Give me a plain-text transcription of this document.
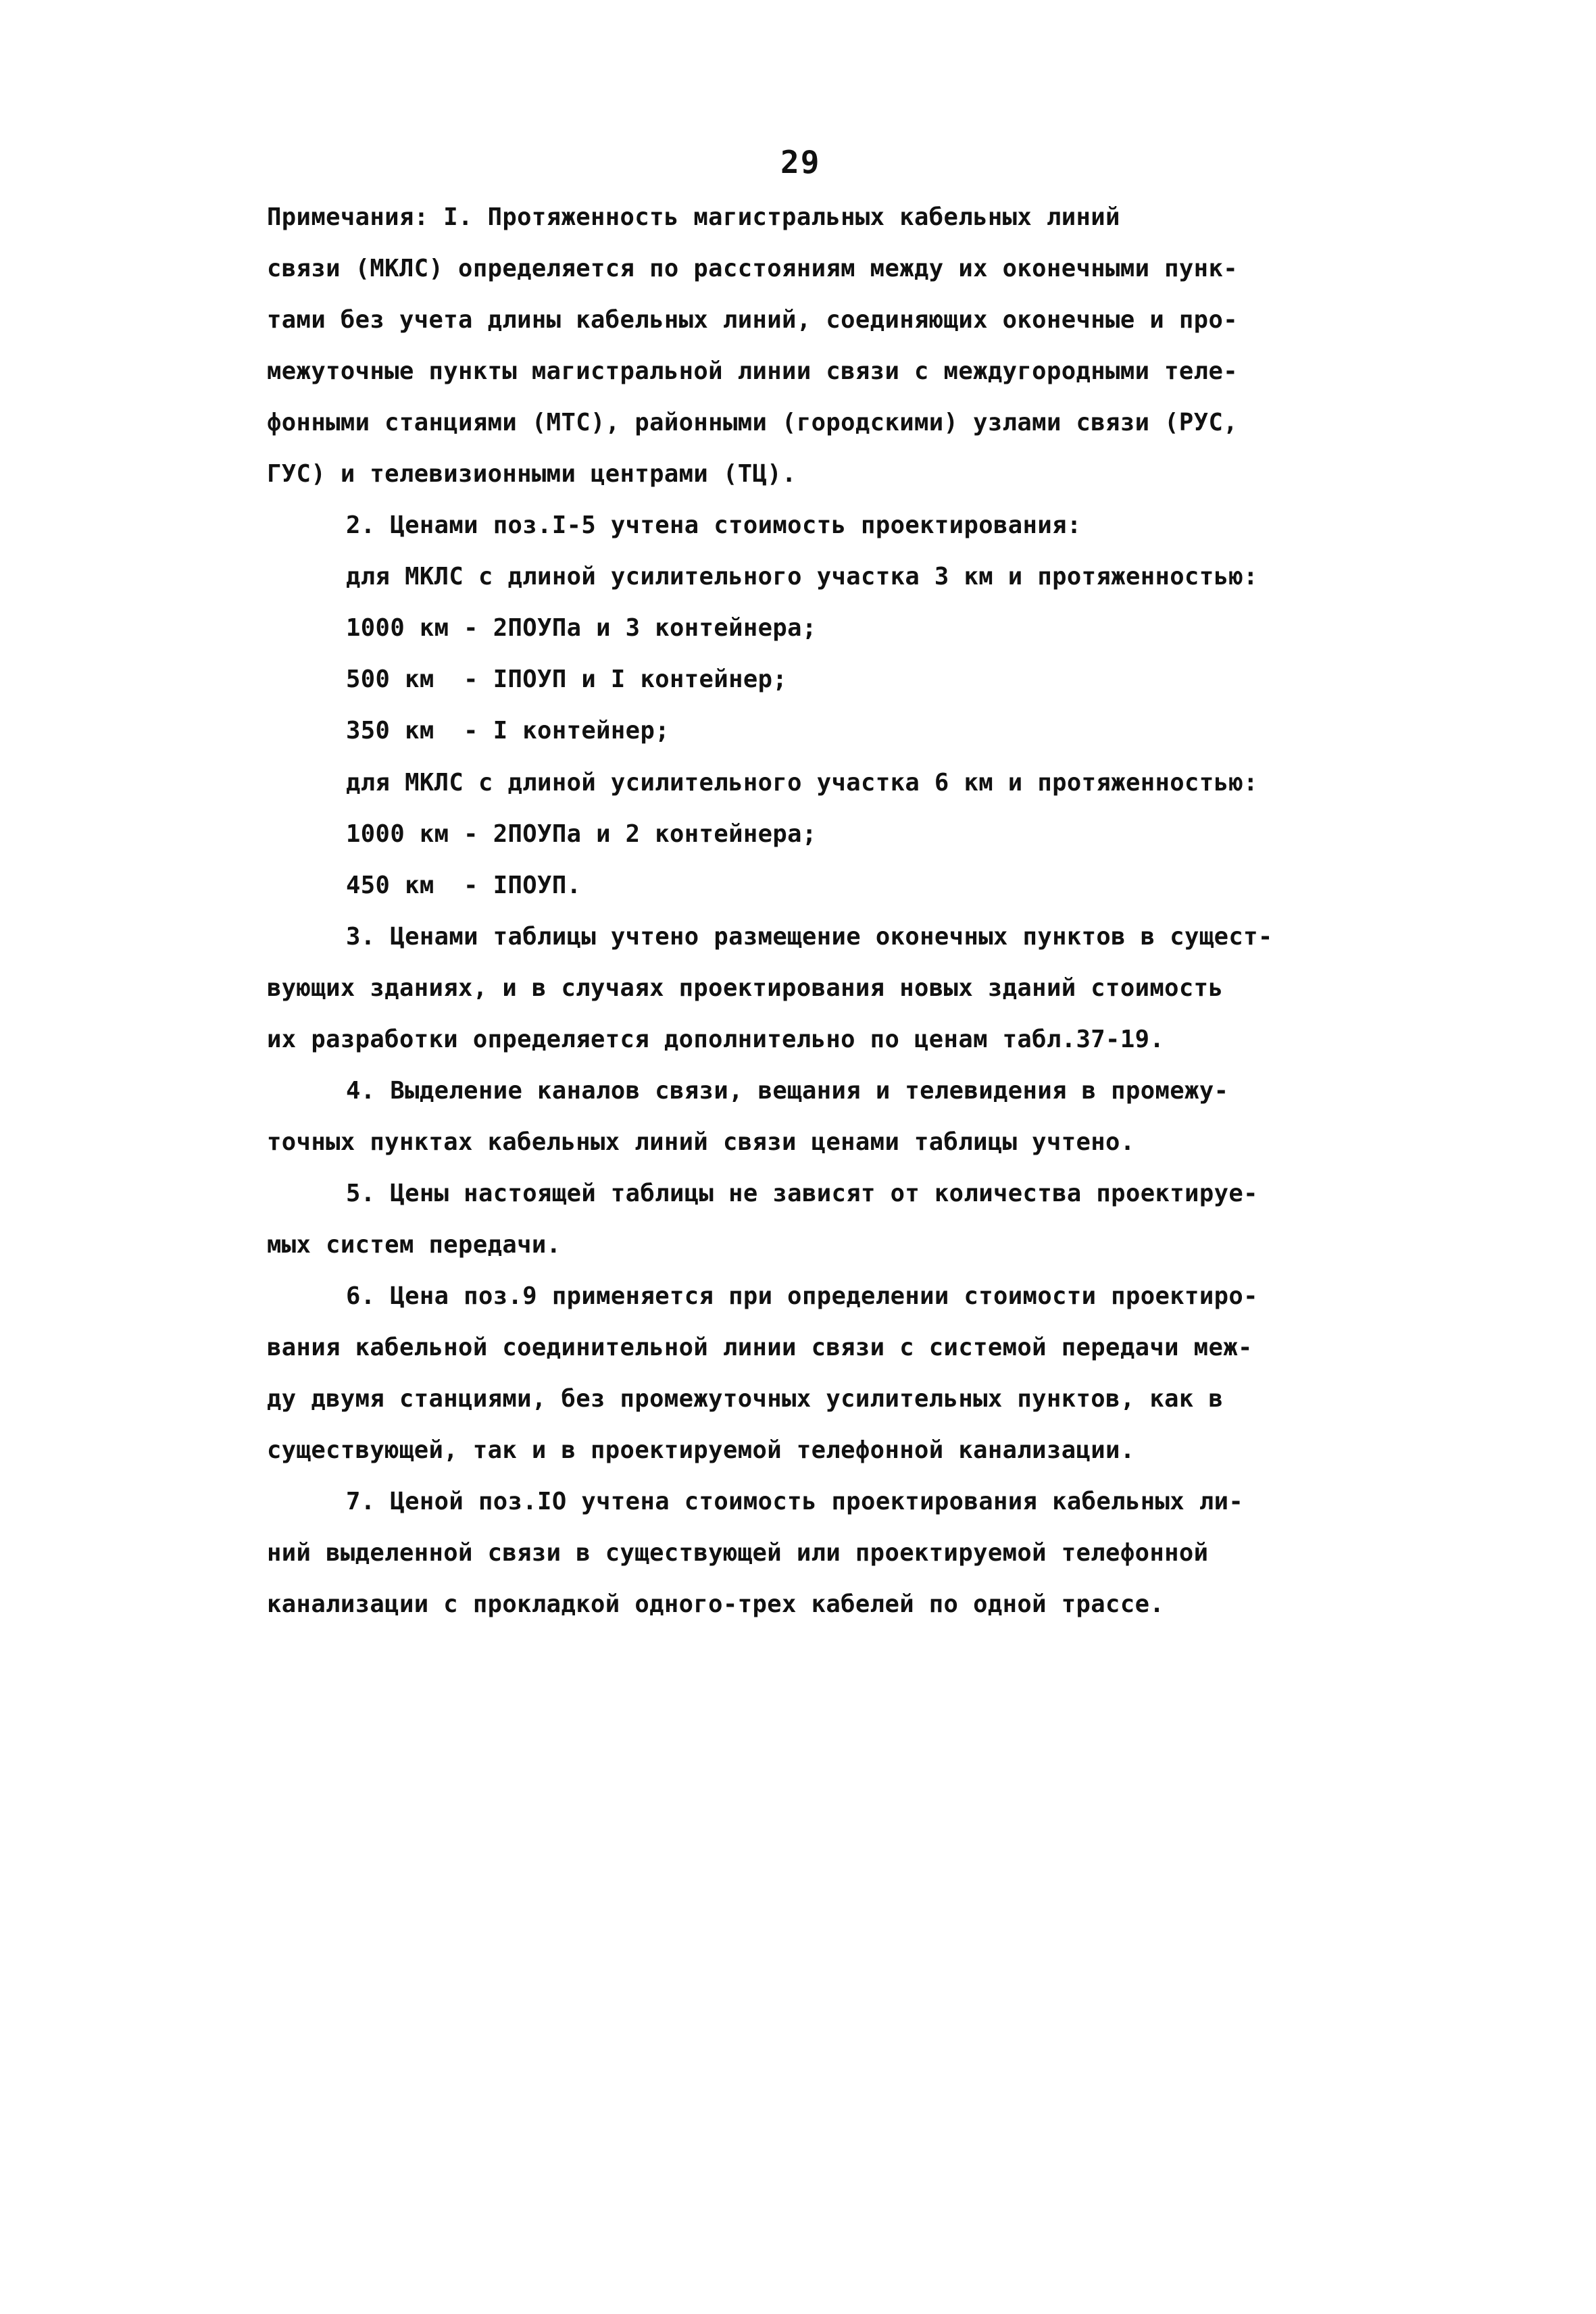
29
Примечания: I. Протяженность магистральных кабельных линий
связи (МКЛС) определяется по расстояниям между их оконечными пунк-
тами без учета длины кабельных линий, соединяющих оконечные и про-
межуточные пункты магистральной линии связи с междугородными теле-
фонными станциями (МТС), районными (городскими) узлами связи (РУС,
ГУС) и телевизионными центрами (ТЦ).
2. Ценами поз.I-5 учтена стоимость проектирования:
для МКЛС с длиной усилительного участка 3 км и протяженностью:
1000 км - 2ПОУПа и 3 контейнера;
500 км  - IПОУП и I контейнер;
350 км  - I контейнер;
для МКЛС с длиной усилительного участка 6 км и протяженностью:
1000 км - 2ПОУПа и 2 контейнера;
450 км  - IПОУП.
3. Ценами таблицы учтено размещение оконечных пунктов в сущест-
вующих зданиях, и в случаях проектирования новых зданий стоимость
их разработки определяется дополнительно по ценам табл.37-19.
4. Выделение каналов связи, вещания и телевидения в промежу-
точных пунктах кабельных линий связи ценами таблицы учтено.
5. Цены настоящей таблицы не зависят от количества проектируе-
мых систем передачи.
6. Цена поз.9 применяется при определении стоимости проектиро-
вания кабельной соединительной линии связи с системой передачи меж-
ду двумя станциями, без промежуточных усилительных пунктов, как в
существующей, так и в проектируемой телефонной канализации.
7. Ценой поз.IO учтена стоимость проектирования кабельных ли-
ний выделенной связи в существующей или проектируемой телефонной
канализации с прокладкой одного-трех кабелей по одной трассе.
